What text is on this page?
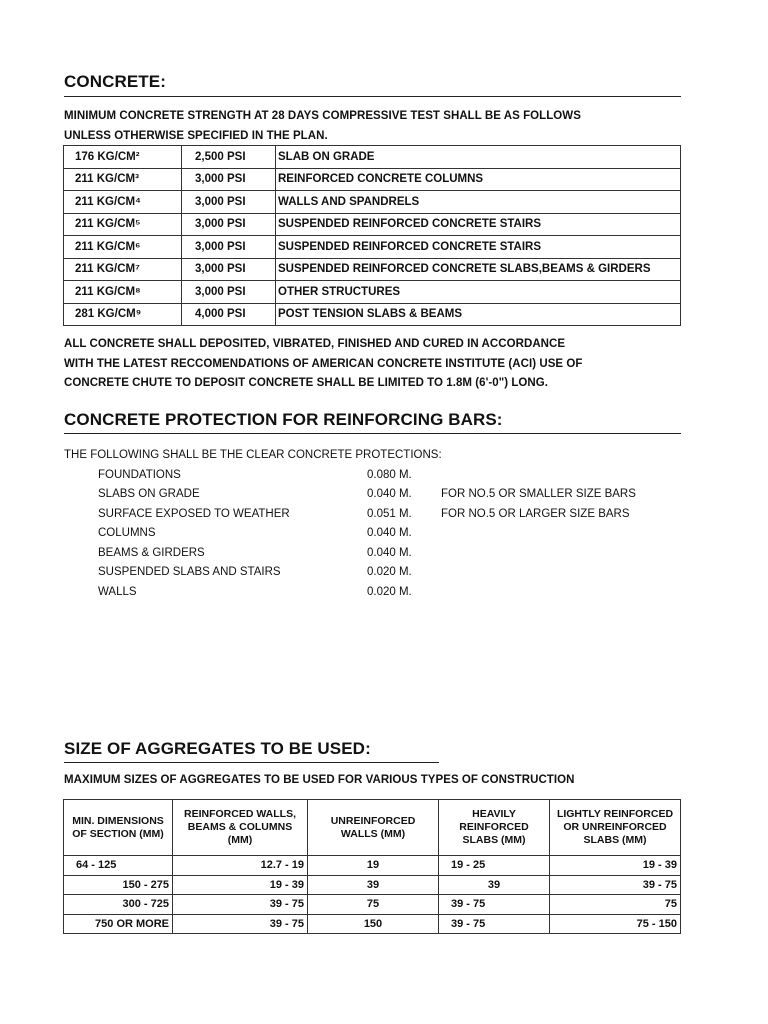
CONCRETE:
MINIMUM CONCRETE STRENGTH AT 28 DAYS COMPRESSIVE TEST SHALL BE AS FOLLOWS
UNLESS OTHERWISE SPECIFIED IN THE PLAN.
176 KG/CM²	2,500 PSI	SLAB ON GRADE
211 KG/CM³	3,000 PSI	REINFORCED CONCRETE COLUMNS
211 KG/CM⁴	3,000 PSI	WALLS AND SPANDRELS
211 KG/CM⁵	3,000 PSI	SUSPENDED REINFORCED CONCRETE STAIRS
211 KG/CM⁶	3,000 PSI	SUSPENDED REINFORCED CONCRETE STAIRS
211 KG/CM⁷	3,000 PSI	SUSPENDED REINFORCED CONCRETE SLABS,BEAMS & GIRDERS
211 KG/CM⁸	3,000 PSI	OTHER STRUCTURES
281 KG/CM⁹	4,000 PSI	POST TENSION SLABS & BEAMS
ALL CONCRETE SHALL DEPOSITED, VIBRATED, FINISHED AND CURED IN ACCORDANCE
WITH THE LATEST RECCOMENDATIONS OF AMERICAN CONCRETE INSTITUTE (ACI) USE OF
CONCRETE CHUTE TO DEPOSIT CONCRETE SHALL BE LIMITED TO 1.8M (6'-0") LONG.
CONCRETE PROTECTION FOR REINFORCING BARS:
THE FOLLOWING SHALL BE THE CLEAR CONCRETE PROTECTIONS:
FOUNDATIONS	0.080 M.
SLABS ON GRADE	0.040 M.	FOR NO.5 OR SMALLER SIZE BARS
SURFACE EXPOSED TO WEATHER	0.051 M.	FOR NO.5 OR LARGER SIZE BARS
COLUMNS	0.040 M.
BEAMS & GIRDERS	0.040 M.
SUSPENDED SLABS AND STAIRS	0.020 M.
WALLS	0.020 M.
SIZE OF AGGREGATES TO BE USED:
MAXIMUM SIZES OF AGGREGATES TO BE USED FOR VARIOUS TYPES OF CONSTRUCTION
MIN. DIMENSIONS OF SECTION (MM)	REINFORCED WALLS, BEAMS & COLUMNS (MM)	UNREINFORCED WALLS (MM)	HEAVILY REINFORCED SLABS (MM)	LIGHTLY REINFORCED OR UNREINFORCED SLABS (MM)
64 - 125	12.7 - 19	19	19 - 25	19 - 39
150 - 275	19 - 39	39	39	39 - 75
300 - 725	39 - 75	75	39 - 75	75
750 OR MORE	39 - 75	150	39 - 75	75 - 150
